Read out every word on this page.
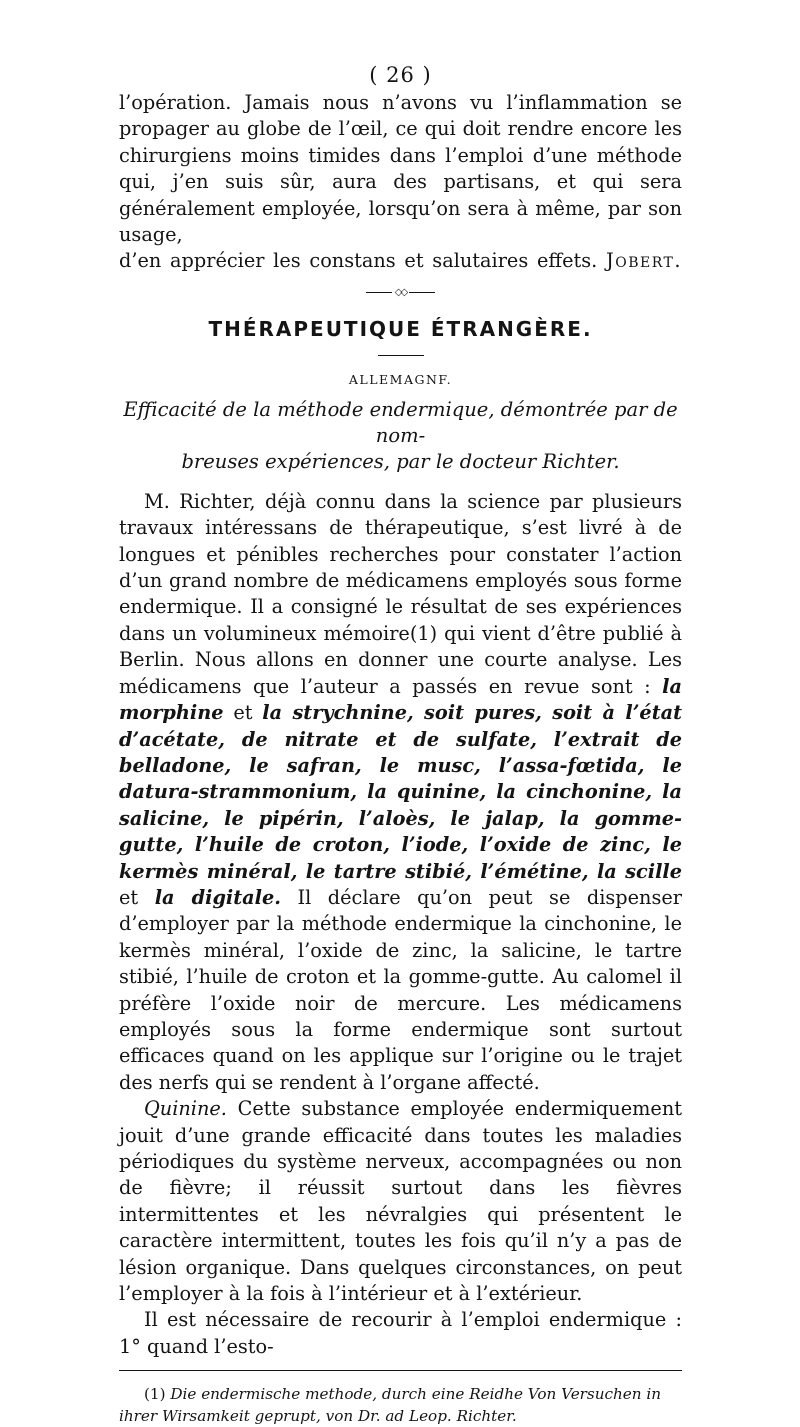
( 26 )

l’opération. Jamais nous n’avons vu l’inflammation se propager au globe de l’œil, ce qui doit rendre encore les chirurgiens moins timides dans l’emploi d’une méthode qui, j’en suis sûr, aura des partisans, et qui sera généralement employée, lorsqu’on sera à même, par son usage,

d’en apprécier les constans et salutaires effets. Jobert.

◇◇
THÉRAPEUTIQUE ÉTRANGÈRE.
ALLEMAGNF.
Efficacité de la méthode endermique, démontrée par de nom-
breuses expériences, par le docteur Richter.

M. Richter, déjà connu dans la science par plusieurs travaux intéressans de thérapeutique, s’est livré à de longues et pénibles recherches pour constater l’action d’un grand nombre de médicamens employés sous forme endermique. Il a consigné le résultat de ses expériences dans un volumineux mémoire(1) qui vient d’être publié à Berlin. Nous allons en donner une courte analyse. Les médicamens que l’auteur a passés en revue sont : la morphine et la strychnine, soit pures, soit à l’état d’acétate, de nitrate et de sulfate, l’extrait de belladone, le safran, le musc, l’assa-fœtida, le datura-strammonium, la quinine, la cinchonine, la salicine, le pipérin, l’aloès, le jalap, la gomme-gutte, l’huile de croton, l’iode, l’oxide de zinc, le kermès minéral, le tartre stibié, l’émétine, la scille et la digitale. Il déclare qu’on peut se dispenser d’employer par la méthode endermique la cinchonine, le kermès minéral, l’oxide de zinc, la salicine, le tartre stibié, l’huile de croton et la gomme-gutte. Au calomel il préfère l’oxide noir de mercure. Les médicamens employés sous la forme endermique sont surtout efficaces quand on les applique sur l’origine ou le trajet des nerfs qui se rendent à l’organe affecté.

Quinine. Cette substance employée endermiquement jouit d’une grande efficacité dans toutes les maladies périodiques du système nerveux, accompagnées ou non de fièvre; il réussit surtout dans les fièvres intermittentes et les névralgies qui présentent le caractère intermittent, toutes les fois qu’il n’y a pas de lésion organique. Dans quelques circonstances, on peut l’employer à la fois à l’intérieur et à l’extérieur.

Il est nécessaire de recourir à l’emploi endermique : 1° quand l’esto-

(1) Die endermische methode, durch eine Reidhe Von Versuchen in ihrer Wirsamkeit geprupt, von Dr. ad Leop. Richter.
